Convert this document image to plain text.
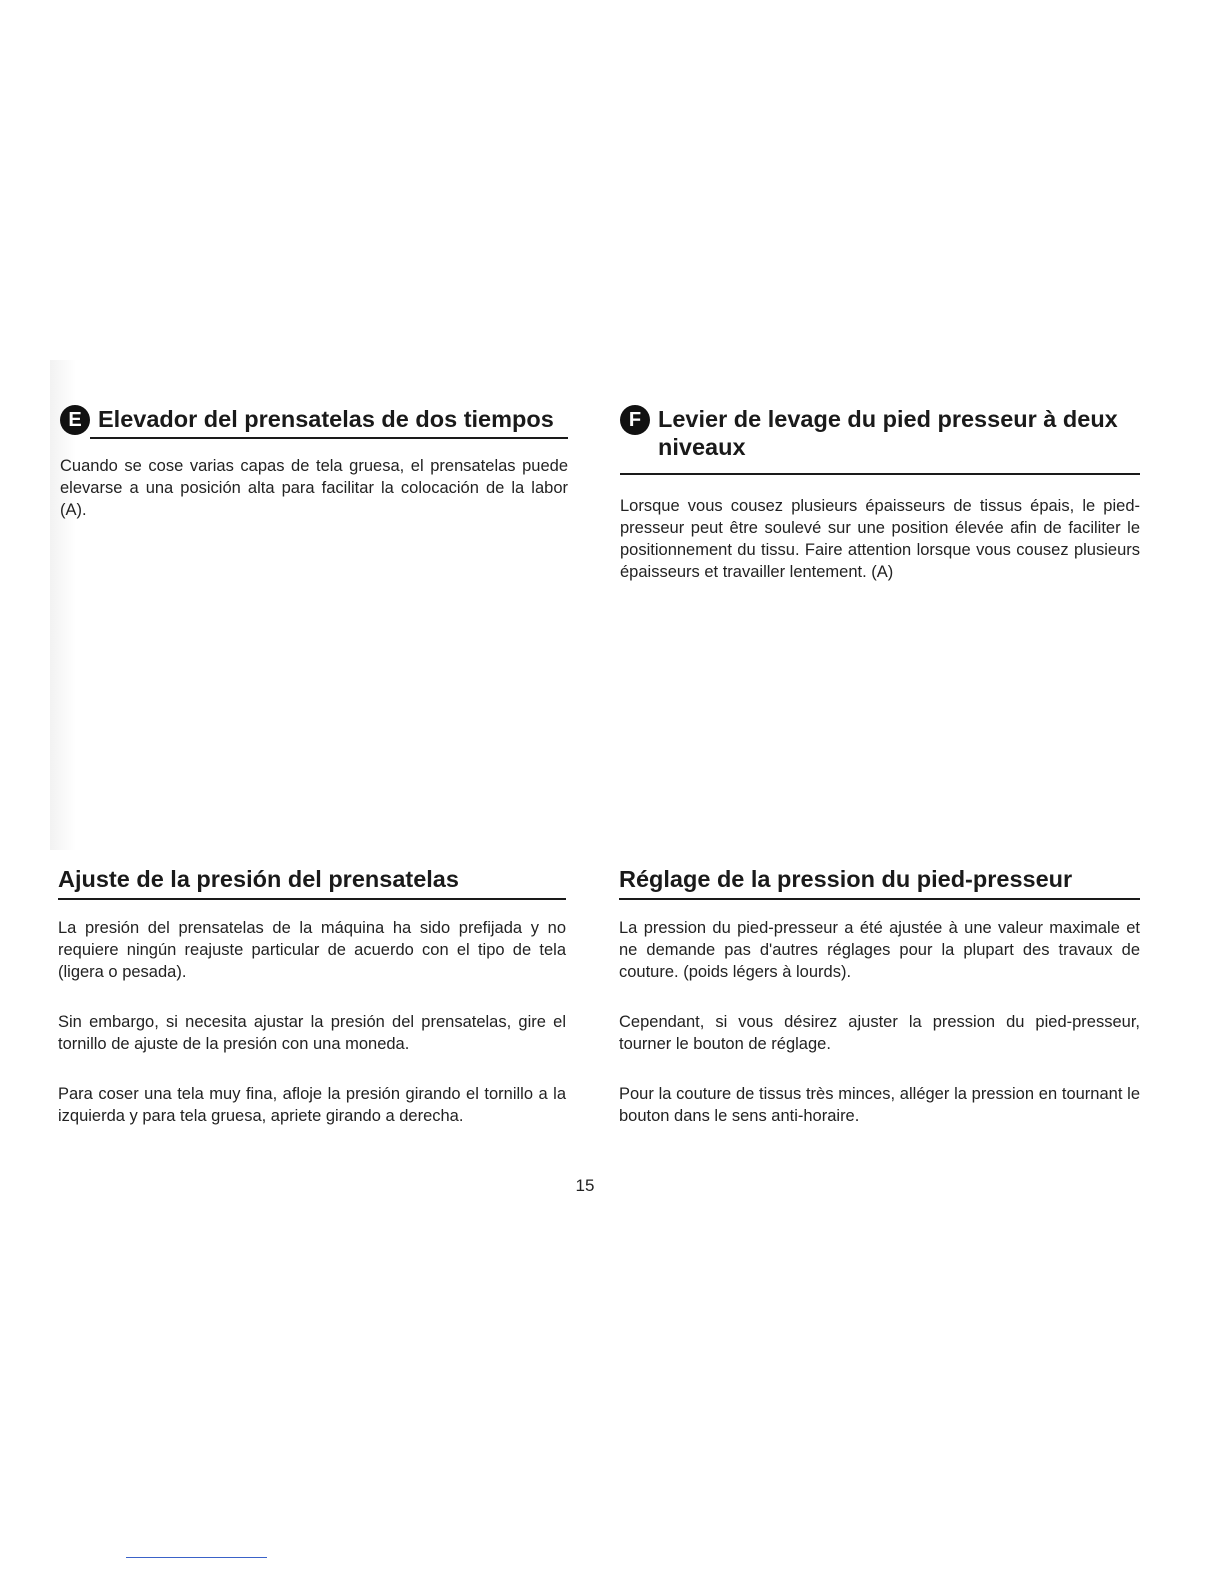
E Elevador del prensatelas de dos tiempos

Cuando se cose varias capas de tela gruesa, el prensatelas puede elevarse a una posición alta para facilitar la colocación de la labor (A).

F Levier de levage du pied presseur à deux niveaux

Lorsque vous cousez plusieurs épaisseurs de tissus épais, le pied-presseur peut être soulevé sur une position élevée afin de faciliter le positionnement du tissu. Faire attention lorsque vous cousez plusieurs épaisseurs et travailler lentement. (A)

Ajuste de la presión del prensatelas

La presión del prensatelas de la máquina ha sido prefijada y no requiere ningún reajuste particular de acuerdo con el tipo de tela (ligera o pesada).

Sin embargo, si necesita ajustar la presión del prensatelas, gire el tornillo de ajuste de la presión con una moneda.

Para coser una tela muy fina, afloje la presión girando el tornillo a la izquierda y para tela gruesa, apriete girando a derecha.

Réglage de la pression du pied-presseur

La pression du pied-presseur a été ajustée à une valeur maximale et ne demande pas d'autres réglages pour la plupart des travaux de couture. (poids légers à lourds).

Cependant, si vous désirez ajuster la pression du pied-presseur, tourner le bouton de réglage.

Pour la couture de tissus très minces, alléger la pression en tournant le bouton dans le sens anti-horaire.

15
